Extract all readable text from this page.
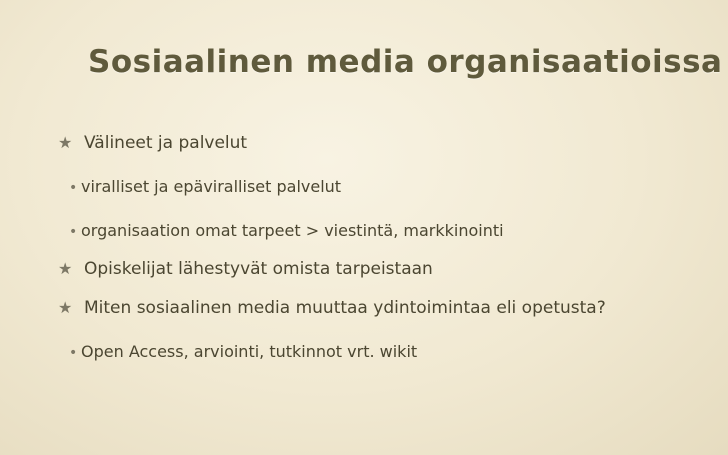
Sosiaalinen media organisaatioissa
★ Välineet ja palvelut
• viralliset ja epäviralliset palvelut
• organisaation omat tarpeet > viestintä, markkinointi
★ Opiskelijat lähestyvät omista tarpeistaan
★ Miten sosiaalinen media muuttaa ydintoimintaa eli opetusta?
• Open Access, arviointi, tutkinnot vrt. wikit
